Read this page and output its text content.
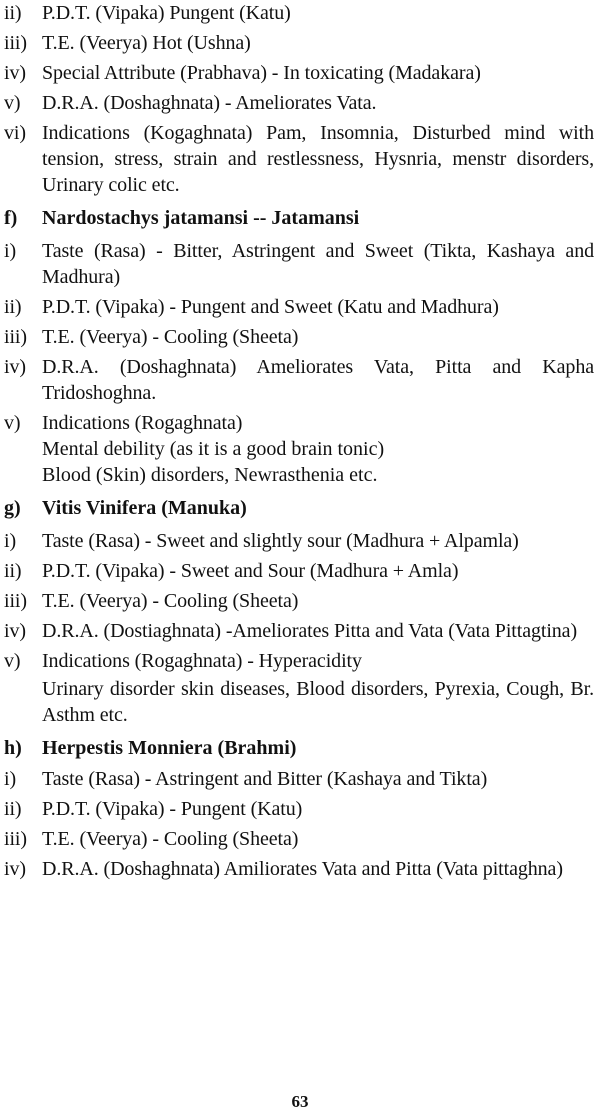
ii) P.D.T. (Vipaka) Pungent (Katu)
iii) T.E. (Veerya) Hot (Ushna)
iv) Special Attribute (Prabhava) - In toxicating (Madakara)
v) D.R.A. (Doshaghnata) - Ameliorates Vata.
vi) Indications (Kogaghnata) Pam, Insomnia, Disturbed mind with tension, stress, strain and restlessness, Hysnria, menstr disorders, Urinary colic etc.
f) Nardostachys jatamansi -- Jatamansi
i) Taste (Rasa) - Bitter, Astringent and Sweet (Tikta, Kashaya and Madhura)
ii) P.D.T. (Vipaka) - Pungent and Sweet (Katu and Madhura)
iii) T.E. (Veerya) - Cooling (Sheeta)
iv) D.R.A. (Doshaghnata) Ameliorates Vata, Pitta and Kapha Tridoshoghna.
v) Indications (Rogaghnata)
Mental debility (as it is a good brain tonic)
Blood (Skin) disorders, Newrasthenia etc.
g) Vitis Vinifera (Manuka)
i) Taste (Rasa) - Sweet and slightly sour (Madhura + Alpamla)
ii) P.D.T. (Vipaka) - Sweet and Sour (Madhura + Amla)
iii) T.E. (Veerya) - Cooling (Sheeta)
iv) D.R.A. (Dostiaghnata) -Ameliorates Pitta and Vata (Vata Pittagtina)
v) Indications (Rogaghnata) - Hyperacidity
Urinary disorder skin diseases, Blood disorders, Pyrexia, Cough, Br. Asthm etc.
h) Herpestis Monniera (Brahmi)
i) Taste (Rasa) - Astringent and Bitter (Kashaya and Tikta)
ii) P.D.T. (Vipaka) - Pungent (Katu)
iii) T.E. (Veerya) - Cooling (Sheeta)
iv) D.R.A. (Doshaghnata) Amiliorates Vata and Pitta (Vata pittaghna)
63
